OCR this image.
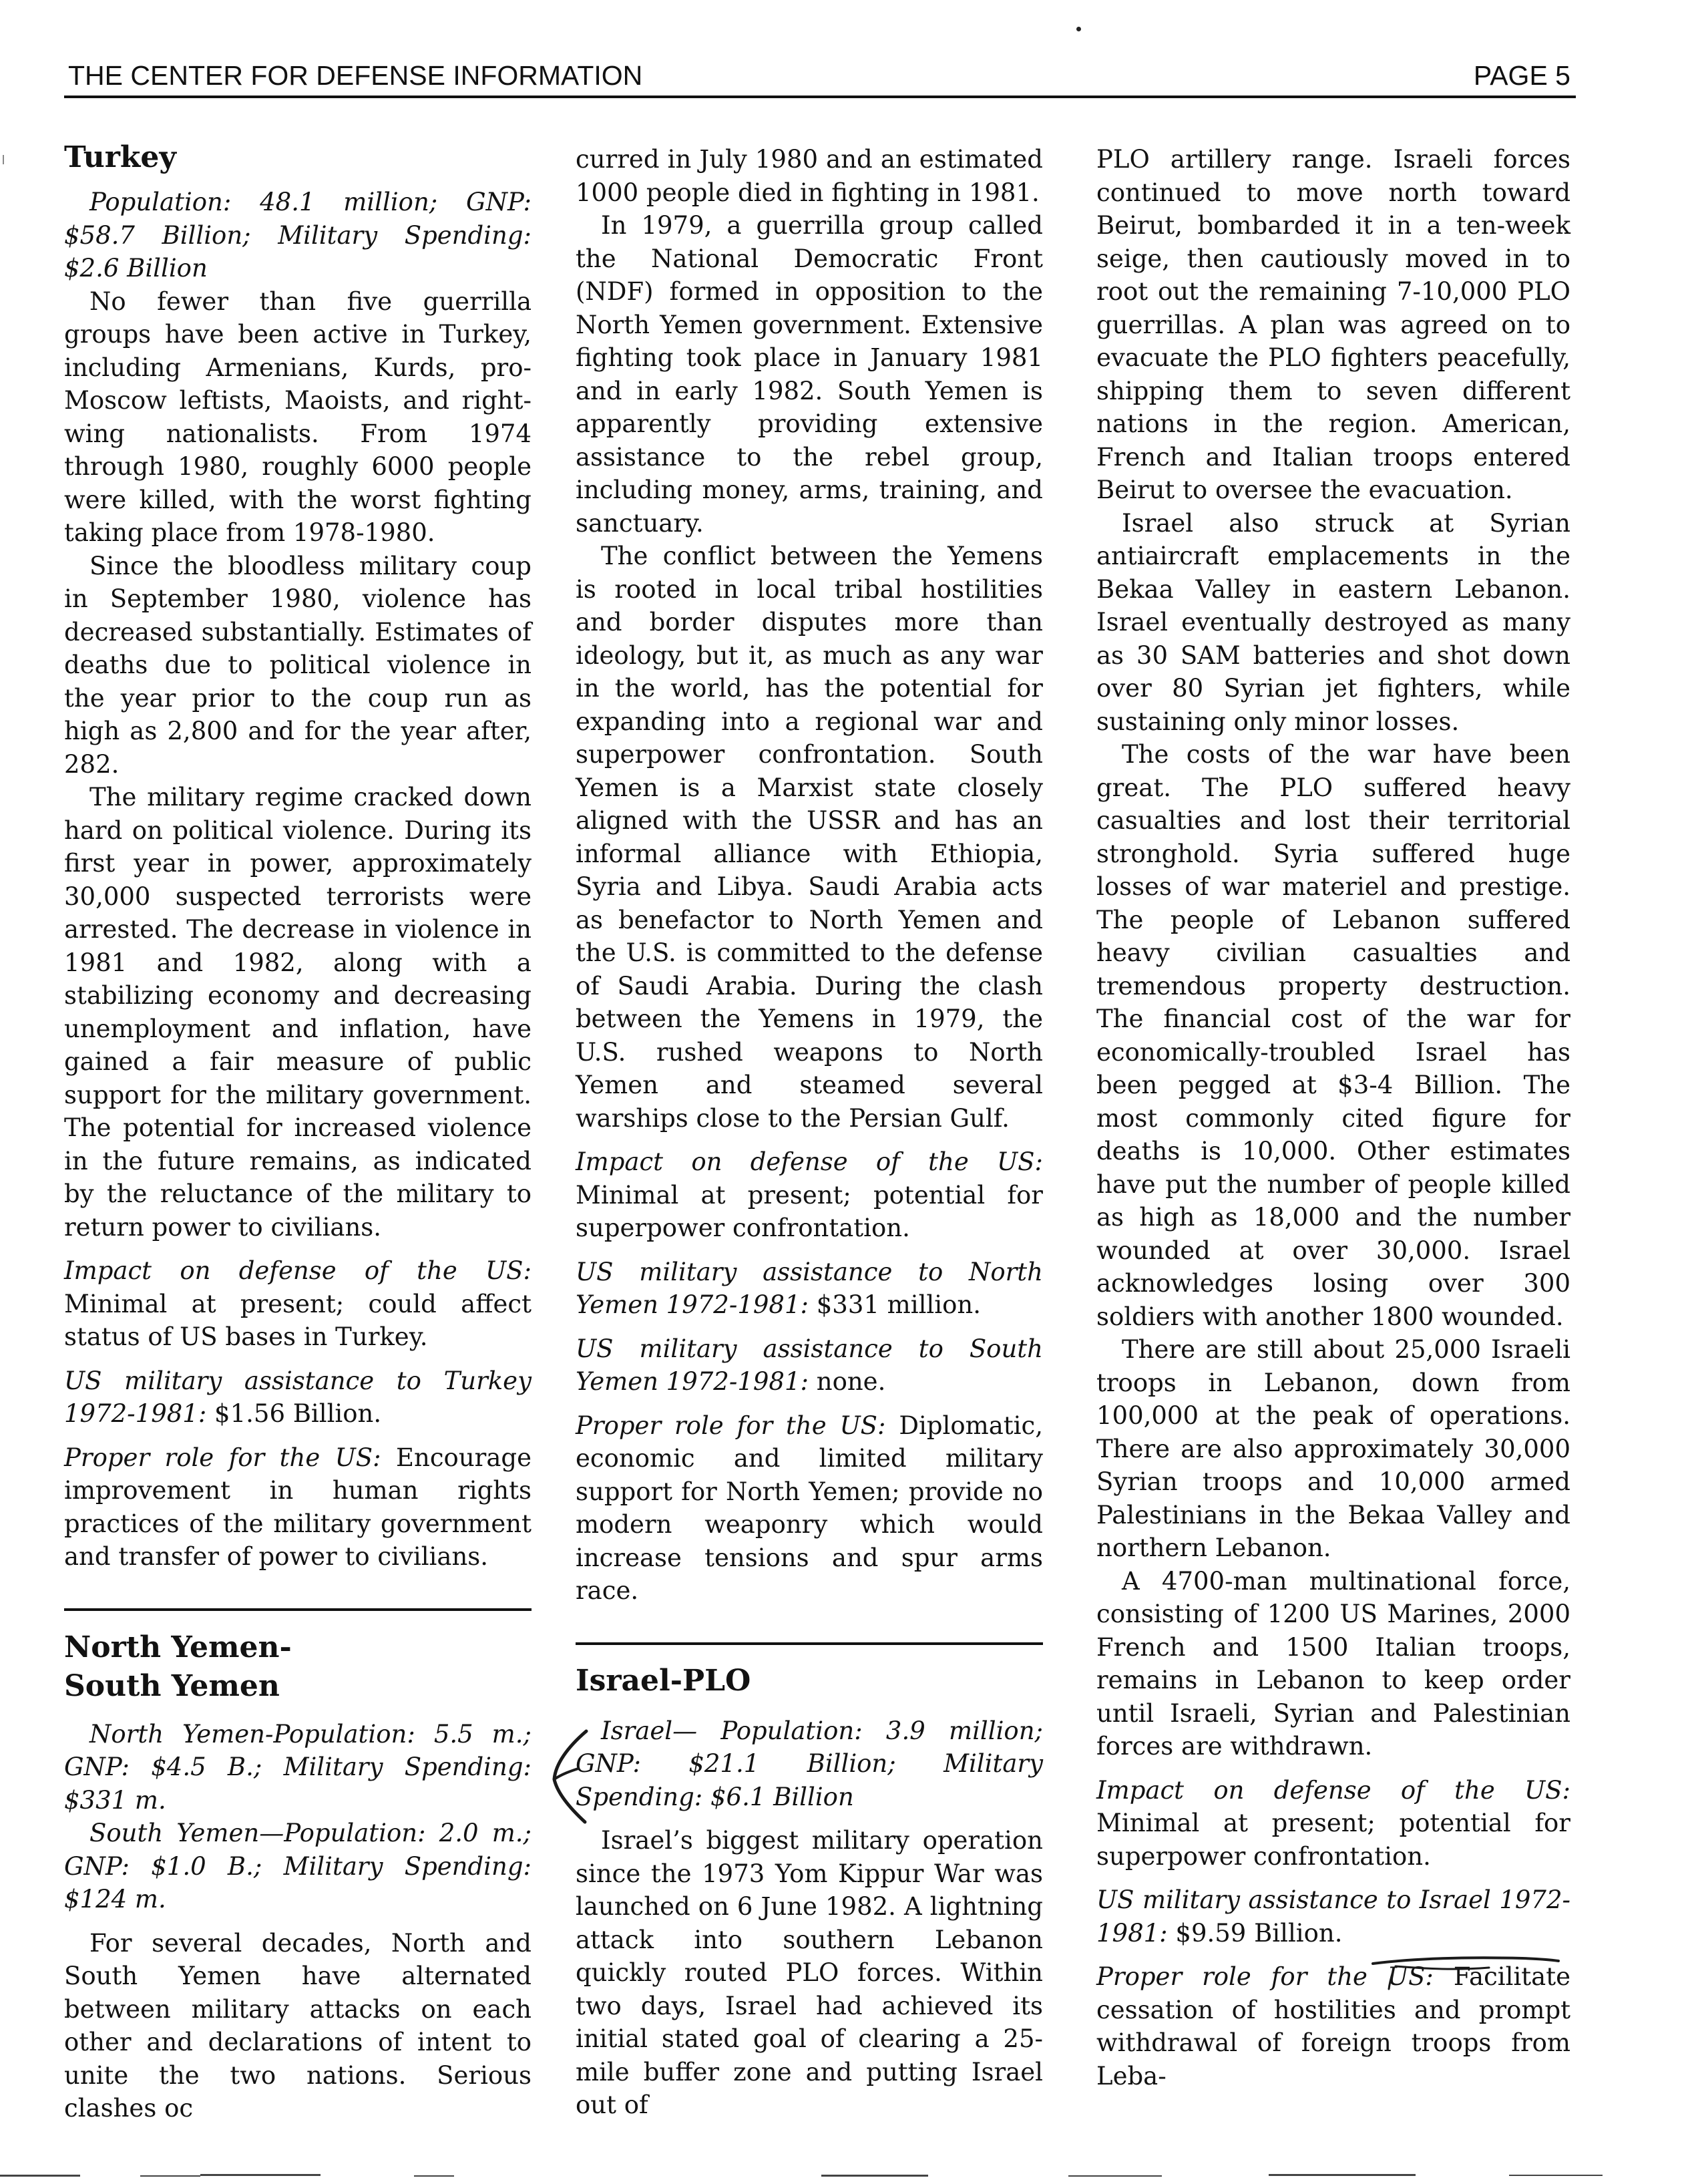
THE CENTER FOR DEFENSE INFORMATION	PAGE 5
Turkey

Population: 48.1 million; GNP: $58.7 Billion; Military Spending: $2.6 Billion

No fewer than five guerrilla groups have been active in Turkey, including Armenians, Kurds, pro-Moscow leftists, Maoists, and right-wing nationalists. From 1974 through 1980, roughly 6000 people were killed, with the worst fighting taking place from 1978-1980.

Since the bloodless military coup in September 1980, violence has decreased substantially. Estimates of deaths due to political violence in the year prior to the coup run as high as 2,800 and for the year after, 282.

The military regime cracked down hard on political violence. During its first year in power, approximately 30,000 suspected terrorists were arrested. The decrease in violence in 1981 and 1982, along with a stabilizing economy and decreasing unemployment and inflation, have gained a fair measure of public support for the military government. The potential for increased violence in the future remains, as indicated by the reluctance of the military to return power to civilians.

Impact on defense of the US: Minimal at present; could affect status of US bases in Turkey.

US military assistance to Turkey 1972-1981: $1.56 Billion.

Proper role for the US: Encourage improvement in human rights practices of the military government and transfer of power to civilians.

North Yemen-
South Yemen

North Yemen-Population: 5.5 m.; GNP: $4.5 B.; Military Spending: $331 m.

South Yemen—Population: 2.0 m.; GNP: $1.0 B.; Military Spending: $124 m.

For several decades, North and South Yemen have alternated between military attacks on each other and declarations of intent to unite the two nations. Serious clashes oc

curred in July 1980 and an estimated 1000 people died in fighting in 1981.

In 1979, a guerrilla group called the National Democratic Front (NDF) formed in opposition to the North Yemen government. Extensive fighting took place in January 1981 and in early 1982. South Yemen is apparently providing extensive assistance to the rebel group, including money, arms, training, and sanctuary.

The conflict between the Yemens is rooted in local tribal hostilities and border disputes more than ideology, but it, as much as any war in the world, has the potential for expanding into a regional war and superpower confrontation. South Yemen is a Marxist state closely aligned with the USSR and has an informal alliance with Ethiopia, Syria and Libya. Saudi Arabia acts as benefactor to North Yemen and the U.S. is committed to the defense of Saudi Arabia. During the clash between the Yemens in 1979, the U.S. rushed weapons to North Yemen and steamed several warships close to the Persian Gulf.

Impact on defense of the US: Minimal at present; potential for superpower confrontation.

US military assistance to North Yemen 1972-1981: $331 million.

US military assistance to South Yemen 1972-1981: none.

Proper role for the US: Diplomatic, economic and limited military support for North Yemen; provide no modern weaponry which would increase tensions and spur arms race.

Israel-PLO

Israel— Population: 3.9 million; GNP: $21.1 Billion; Military Spending: $6.1 Billion

Israel’s biggest military operation since the 1973 Yom Kippur War was launched on 6 June 1982. A lightning attack into southern Lebanon quickly routed PLO forces. Within two days, Israel had achieved its initial stated goal of clearing a 25-mile buffer zone and putting Israel out of

PLO artillery range. Israeli forces continued to move north toward Beirut, bombarded it in a ten-week seige, then cautiously moved in to root out the remaining 7-10,000 PLO guerrillas. A plan was agreed on to evacuate the PLO fighters peacefully, shipping them to seven different nations in the region. American, French and Italian troops entered Beirut to oversee the evacuation.

Israel also struck at Syrian antiaircraft emplacements in the Bekaa Valley in eastern Lebanon. Israel eventually destroyed as many as 30 SAM batteries and shot down over 80 Syrian jet fighters, while sustaining only minor losses.

The costs of the war have been great. The PLO suffered heavy casualties and lost their territorial stronghold. Syria suffered huge losses of war materiel and prestige. The people of Lebanon suffered heavy civilian casualties and tremendous property destruction. The financial cost of the war for economically-troubled Israel has been pegged at $3-4 Billion. The most commonly cited figure for deaths is 10,000. Other estimates have put the number of people killed as high as 18,000 and the number wounded at over 30,000. Israel acknowledges losing over 300 soldiers with another 1800 wounded.

There are still about 25,000 Israeli troops in Lebanon, down from 100,000 at the peak of operations. There are also approximately 30,000 Syrian troops and 10,000 armed Palestinians in the Bekaa Valley and northern Lebanon.

A 4700-man multinational force, consisting of 1200 US Marines, 2000 French and 1500 Italian troops, remains in Lebanon to keep order until Israeli, Syrian and Palestinian forces are withdrawn.

Impact on defense of the US: Minimal at present; potential for superpower confrontation.

US military assistance to Israel 1972-1981: $9.59 Billion.

Proper role for the US: Facilitate cessation of hostilities and prompt withdrawal of foreign troops from Leba-
